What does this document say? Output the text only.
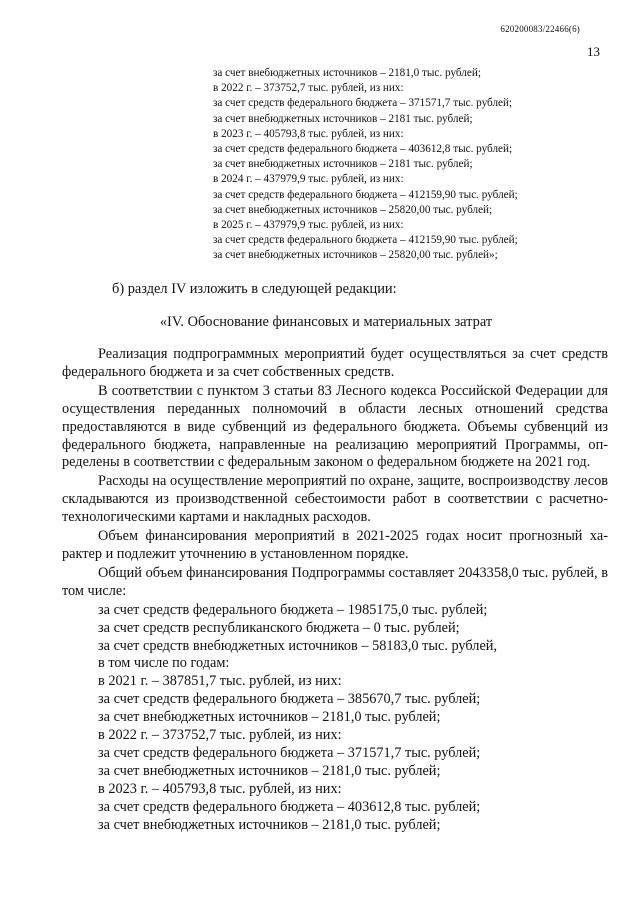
620200083/22466(6)
13
за счет внебюджетных источников – 2181,0 тыс. рублей;
в 2022 г. – 373752,7 тыс. рублей, из них:
за счет средств федерального бюджета – 371571,7 тыс. рублей;
за счет внебюджетных источников – 2181 тыс. рублей;
в 2023 г. – 405793,8 тыс. рублей, из них:
за счет средств федерального бюджета – 403612,8 тыс. рублей;
за счет внебюджетных источников – 2181 тыс. рублей;
в 2024 г. – 437979,9 тыс. рублей, из них:
за счет средств федерального бюджета – 412159,90 тыс. рублей;
за счет внебюджетных источников – 25820,00 тыс. рублей;
в 2025 г. – 437979,9 тыс. рублей, из них:
за счет средств федерального бюджета – 412159,90 тыс. рублей;
за счет внебюджетных источников – 25820,00 тыс. рублей»;
б) раздел IV изложить в следующей редакции:
«IV. Обоснование финансовых и материальных затрат

Реализация подпрограммных мероприятий будет осуществляться за счет средств федерального бюджета и за счет собственных средств.

В соответствии с пунктом 3 статьи 83 Лесного кодекса Российской Федерации для осуществления переданных полномочий в области лесных отношений средства предоставляются в виде субвенций из федерального бюджета. Объемы субвенций из федерального бюджета, направленные на реализацию мероприятий Программы, определены в соответствии с федеральным законом о федеральном бюджете на 2021 год.

Расходы на осуществление мероприятий по охране, защите, воспроизводству лесов складываются из производственной себестоимости работ в соответствии с расчетно-технологическими картами и накладных расходов.

Объем финансирования мероприятий в 2021-2025 годах носит прогнозный характер и подлежит уточнению в установленном порядке.

Общий объем финансирования Подпрограммы составляет 2043358,0 тыс. рублей, в том числе:

за счет средств федерального бюджета – 1985175,0 тыс. рублей;
за счет средств республиканского бюджета – 0 тыс. рублей;
за счет средств внебюджетных источников – 58183,0 тыс. рублей,
в том числе по годам:
в 2021 г. – 387851,7 тыс. рублей, из них:
за счет средств федерального бюджета – 385670,7 тыс. рублей;
за счет внебюджетных источников – 2181,0 тыс. рублей;
в 2022 г. – 373752,7 тыс. рублей, из них:
за счет средств федерального бюджета – 371571,7 тыс. рублей;
за счет внебюджетных источников – 2181,0 тыс. рублей;
в 2023 г. – 405793,8 тыс. рублей, из них:
за счет средств федерального бюджета – 403612,8 тыс. рублей;
за счет внебюджетных источников – 2181,0 тыс. рублей;
